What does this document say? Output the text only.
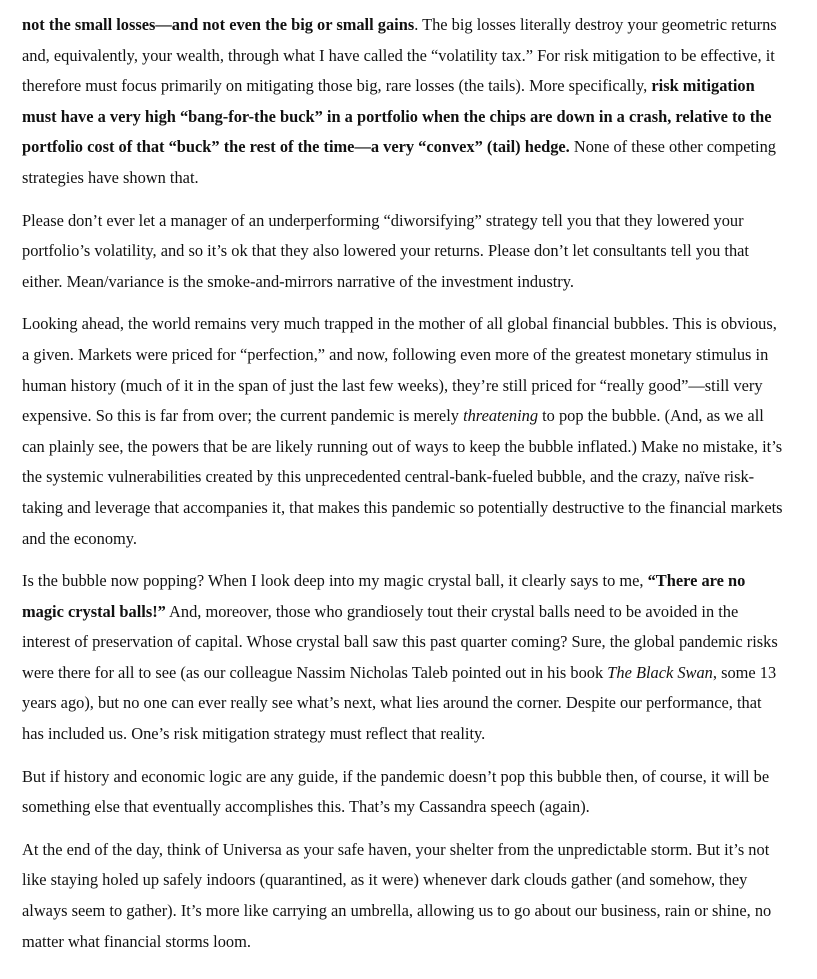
not the small losses—and not even the big or small gains. The big losses literally destroy your geometric returns and, equivalently, your wealth, through what I have called the “volatility tax.” For risk mitigation to be effective, it therefore must focus primarily on mitigating those big, rare losses (the tails). More specifically, risk mitigation must have a very high “bang-for-the buck” in a portfolio when the chips are down in a crash, relative to the portfolio cost of that “buck” the rest of the time—a very “convex” (tail) hedge. None of these other competing strategies have shown that.

Please don’t ever let a manager of an underperforming “diworsifying” strategy tell you that they lowered your portfolio’s volatility, and so it’s ok that they also lowered your returns. Please don’t let consultants tell you that either. Mean/variance is the smoke-and-mirrors narrative of the investment industry.

Looking ahead, the world remains very much trapped in the mother of all global financial bubbles. This is obvious, a given. Markets were priced for “perfection,” and now, following even more of the greatest monetary stimulus in human history (much of it in the span of just the last few weeks), they’re still priced for “really good”—still very expensive. So this is far from over; the current pandemic is merely threatening to pop the bubble. (And, as we all can plainly see, the powers that be are likely running out of ways to keep the bubble inflated.) Make no mistake, it’s the systemic vulnerabilities created by this unprecedented central-bank-fueled bubble, and the crazy, naïve risk-taking and leverage that accompanies it, that makes this pandemic so potentially destructive to the financial markets and the economy.

Is the bubble now popping? When I look deep into my magic crystal ball, it clearly says to me, “There are no magic crystal balls!” And, moreover, those who grandiosely tout their crystal balls need to be avoided in the interest of preservation of capital. Whose crystal ball saw this past quarter coming? Sure, the global pandemic risks were there for all to see (as our colleague Nassim Nicholas Taleb pointed out in his book The Black Swan, some 13 years ago), but no one can ever really see what’s next, what lies around the corner. Despite our performance, that has included us. One’s risk mitigation strategy must reflect that reality.

But if history and economic logic are any guide, if the pandemic doesn’t pop this bubble then, of course, it will be something else that eventually accomplishes this. That’s my Cassandra speech (again).

At the end of the day, think of Universa as your safe haven, your shelter from the unpredictable storm. But it’s not like staying holed up safely indoors (quarantined, as it were) whenever dark clouds gather (and somehow, they always seem to gather). It’s more like carrying an umbrella, allowing us to go about our business, rain or shine, no matter what financial storms loom.
